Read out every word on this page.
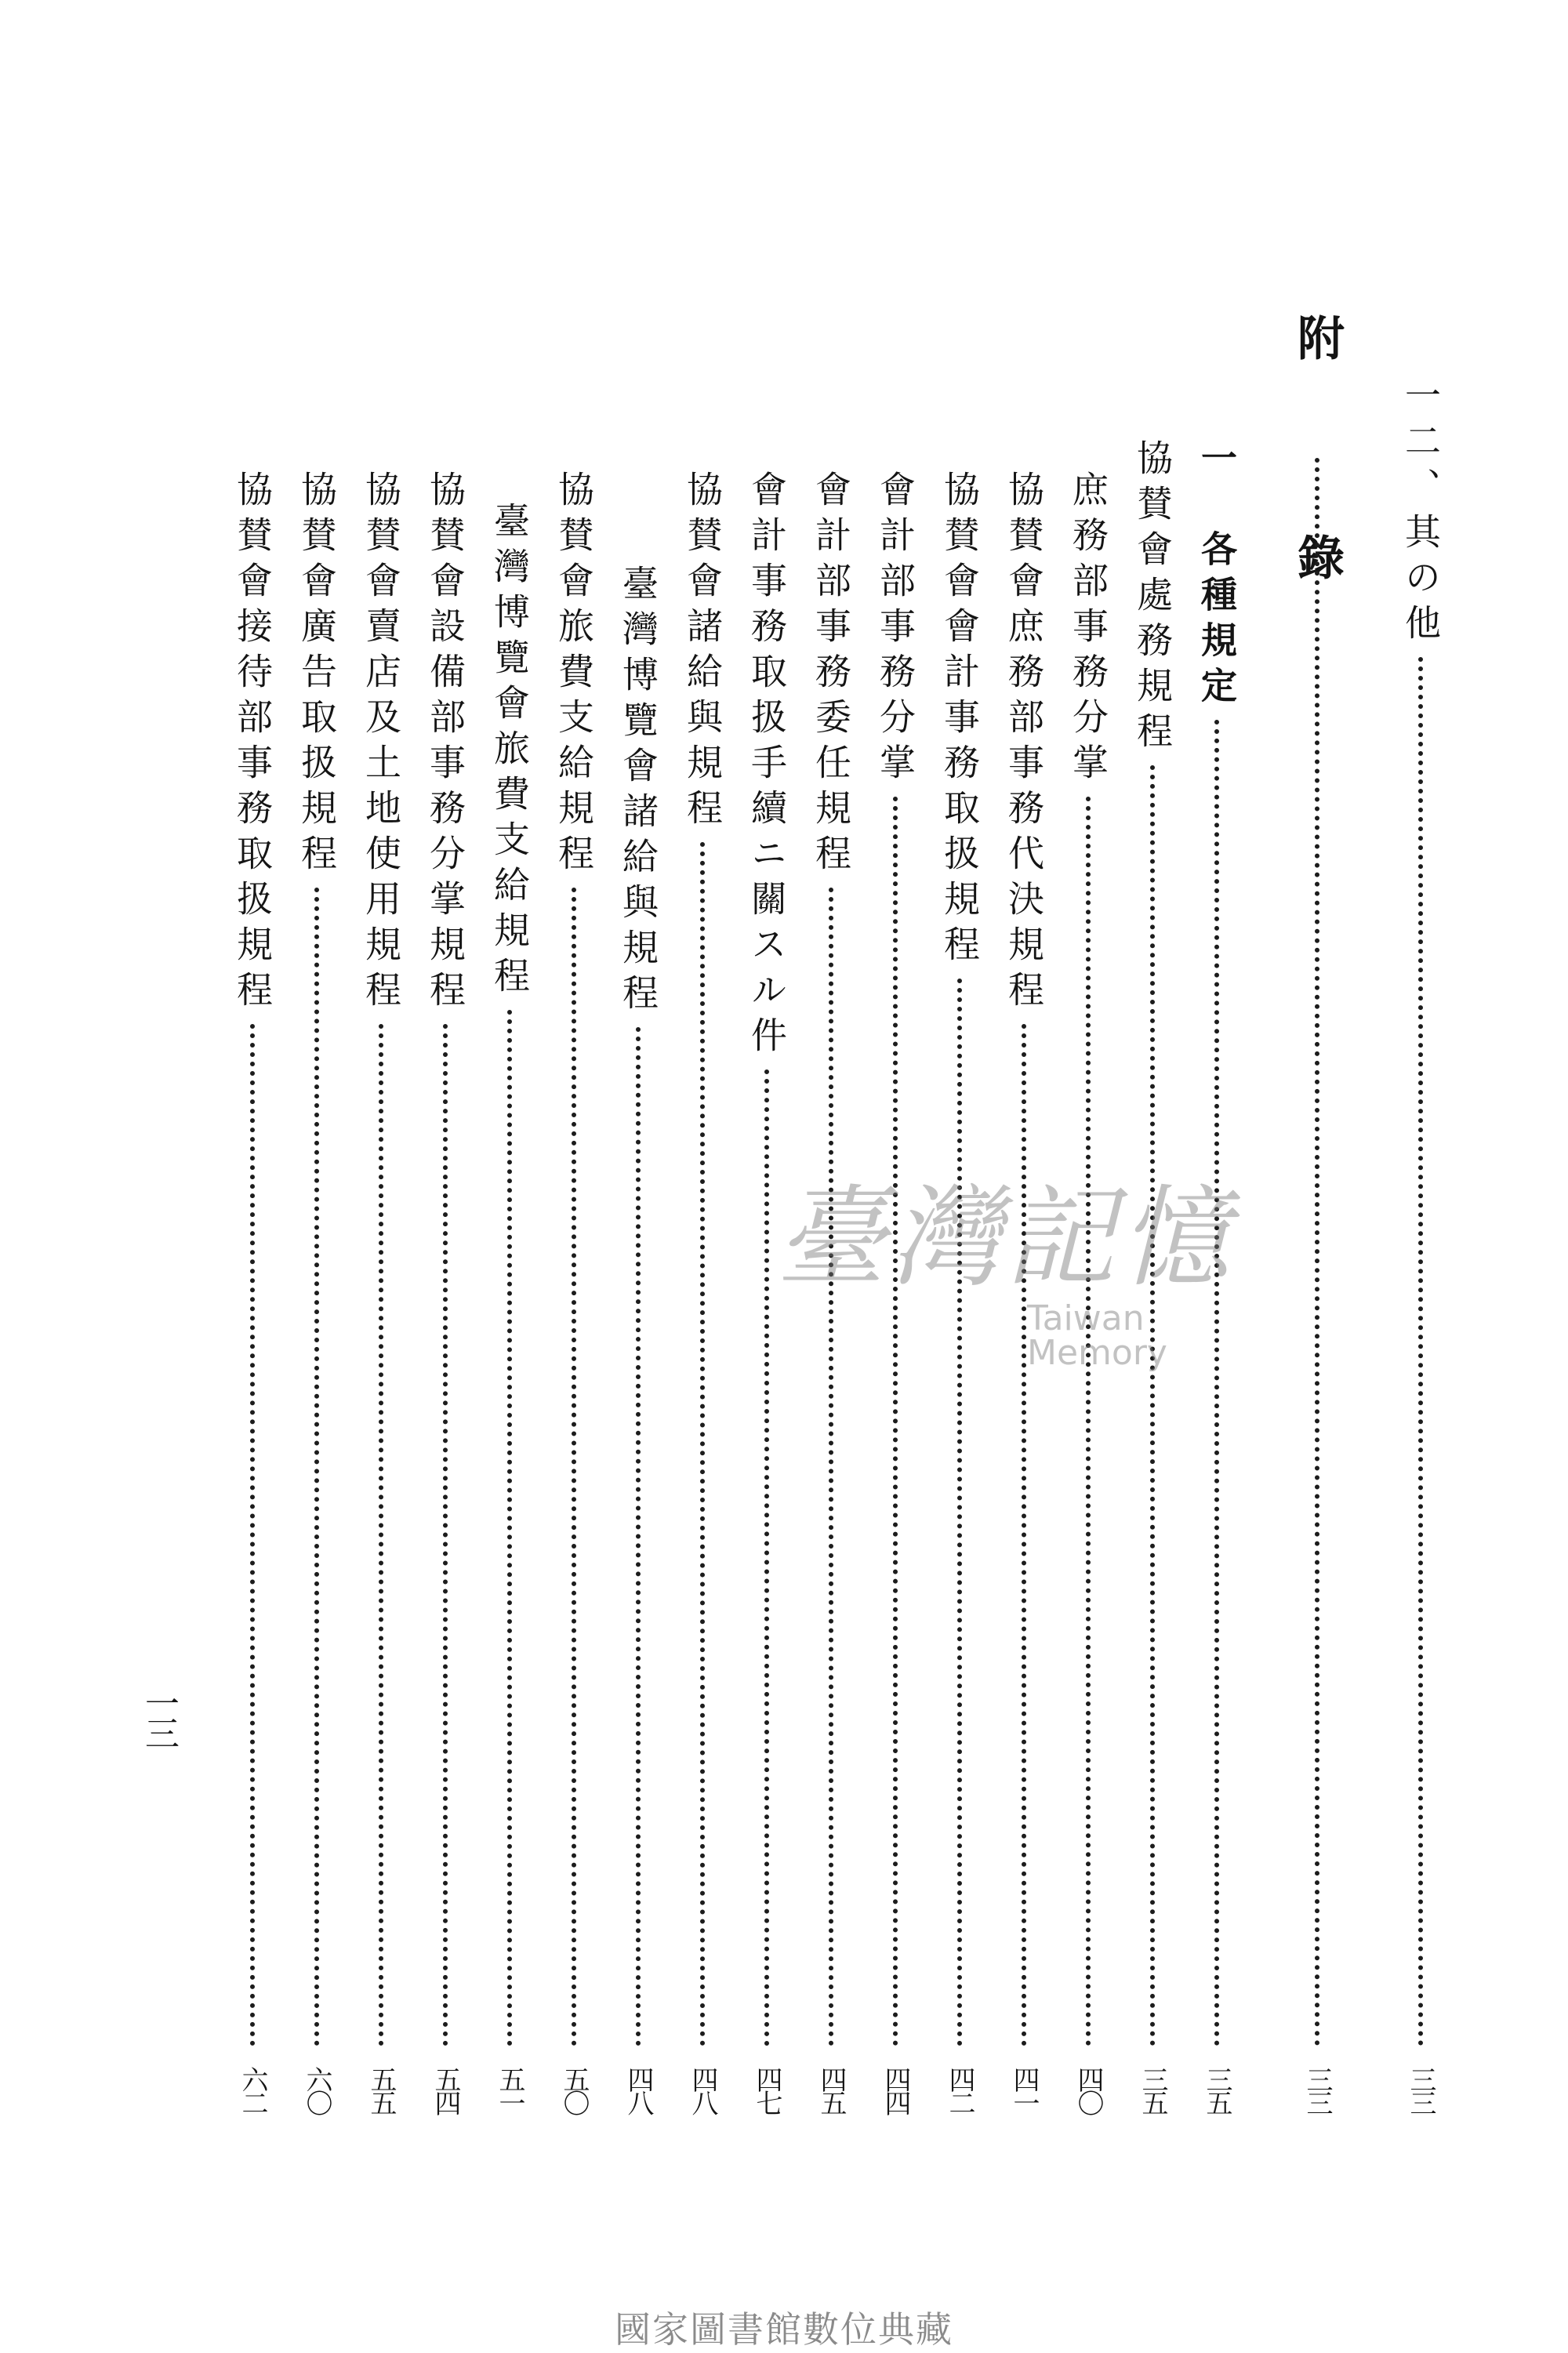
一二、其の他
三三
附　錄
三三
一　各種規定
三五
協賛會處務規程
三五
庶務部事務分掌
四〇
協賛會庶務部事務代決規程
四一
協賛會會計事務取扱規程
四二
會計部事務分掌
四四
會計部事務委任規程
四五
會計事務取扱手續ニ關スル件
四七
協賛會諸給與規程
四八
臺灣博覽會諸給與規程
四八
協賛會旅費支給規程
五〇
臺灣博覽會旅費支給規程
五一
協賛會設備部事務分掌規程
五四
協賛會賣店及土地使用規程
五五
協賛會廣告取扱規程
六〇
協賛會接待部事務取扱規程
六二
一三
臺灣記憶
Taiwan Memory
國家圖書館數位典藏
